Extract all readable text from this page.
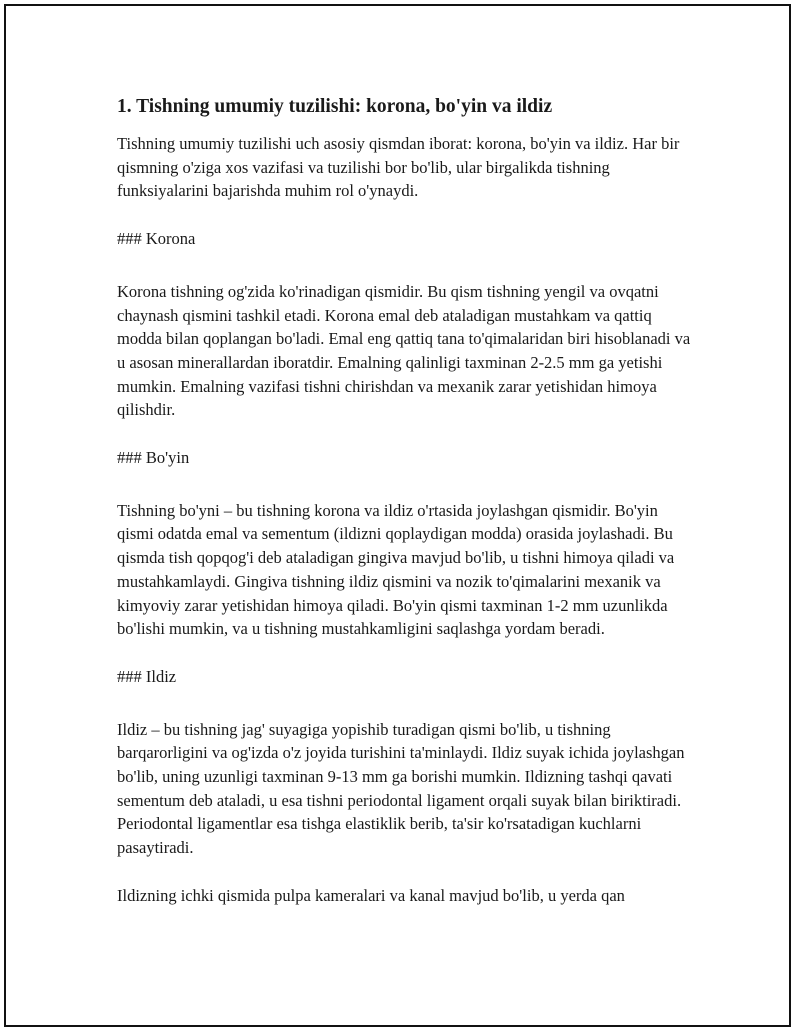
1. Tishning umumiy tuzilishi: korona, bo'yin va ildiz

Tishning umumiy tuzilishi uch asosiy qismdan iborat: korona, bo'yin va ildiz. Har bir qismning o'ziga xos vazifasi va tuzilishi bor bo'lib, ular birgalikda tishning funksiyalarini bajarishda muhim rol o'ynaydi.

### Korona

Korona tishning og'zida ko'rinadigan qismidir. Bu qism tishning yengil va ovqatni chaynash qismini tashkil etadi. Korona emal deb ataladigan mustahkam va qattiq modda bilan qoplangan bo'ladi. Emal eng qattiq tana to'qimalaridan biri hisoblanadi va u asosan minerallardan iboratdir. Emalning qalinligi taxminan 2-2.5 mm ga yetishi mumkin. Emalning vazifasi tishni chirishdan va mexanik zarar yetishidan himoya qilishdir.

### Bo'yin

Tishning bo'yni – bu tishning korona va ildiz o'rtasida joylashgan qismidir. Bo'yin qismi odatda emal va sementum (ildizni qoplaydigan modda) orasida joylashadi. Bu qismda tish qopqog'i deb ataladigan gingiva mavjud bo'lib, u tishni himoya qiladi va mustahkamlaydi. Gingiva tishning ildiz qismini va nozik to'qimalarini mexanik va kimyoviy zarar yetishidan himoya qiladi. Bo'yin qismi taxminan 1-2 mm uzunlikda bo'lishi mumkin, va u tishning mustahkamligini saqlashga yordam beradi.

### Ildiz

Ildiz – bu tishning jag' suyagiga yopishib turadigan qismi bo'lib, u tishning barqarorligini va og'izda o'z joyida turishini ta'minlaydi. Ildiz suyak ichida joylashgan bo'lib, uning uzunligi taxminan 9-13 mm ga borishi mumkin. Ildizning tashqi qavati sementum deb ataladi, u esa tishni periodontal ligament orqali suyak bilan biriktiradi. Periodontal ligamentlar esa tishga elastiklik berib, ta'sir ko'rsatadigan kuchlarni pasaytiradi.

Ildizning ichki qismida pulpa kameralari va kanal mavjud bo'lib, u yerda qan
